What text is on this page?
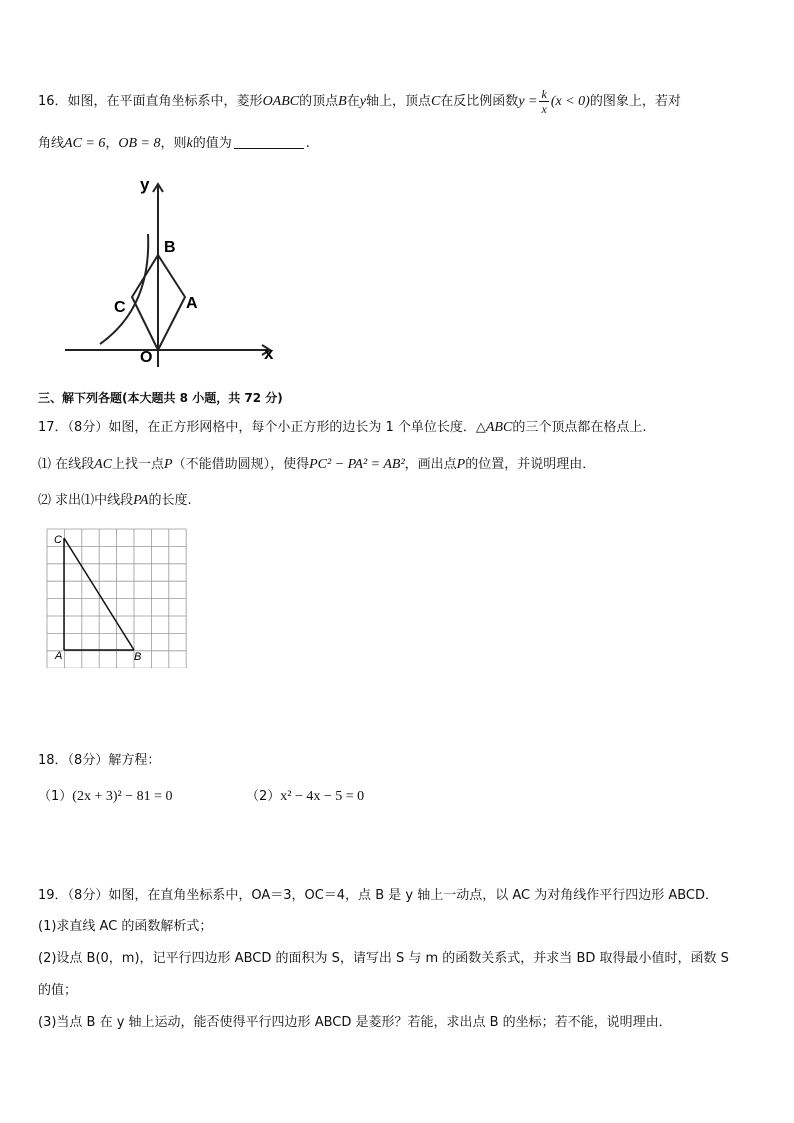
16．如图，在平面直角坐标系中，菱形OABC的顶点B在y轴上，顶点C在反比例函数$y = \frac{k}{x} (x < 0)$的图象上，若对
角线AC = 6，OB = 8，则k的值为	.
y
x
B
C	A
O
三、解下列各题(本大题共 8 小题，共 72 分)
17．（8分）如图，在正方形网格中，每个小正方形的边长为 1 个单位长度．△ABC的三个顶点都在格点上.
⑴ 在线段AC上找一点P（不能借助圆规），使得PC² − PA² = AB²，画出点P的位置，并说明理由．
⑵ 求出⑴中线段PA的长度.
C
A	B
18．（8分）解方程：
（1）(2x + 3)² − 81 = 0	（2）x² − 4x − 5 = 0
19．（8分）如图，在直角坐标系中，OA＝3，OC＝4，点 B 是 y 轴上一动点，以 AC 为对角线作平行四边形 ABCD．
(1)求直线 AC 的函数解析式；
(2)设点 B(0，m)，记平行四边形 ABCD 的面积为 S，请写出 S 与 m 的函数关系式，并求当 BD 取得最小值时，函数 S
的值；
(3)当点 B 在 y 轴上运动，能否使得平行四边形 ABCD 是菱形？若能，求出点 B 的坐标；若不能，说明理由．
